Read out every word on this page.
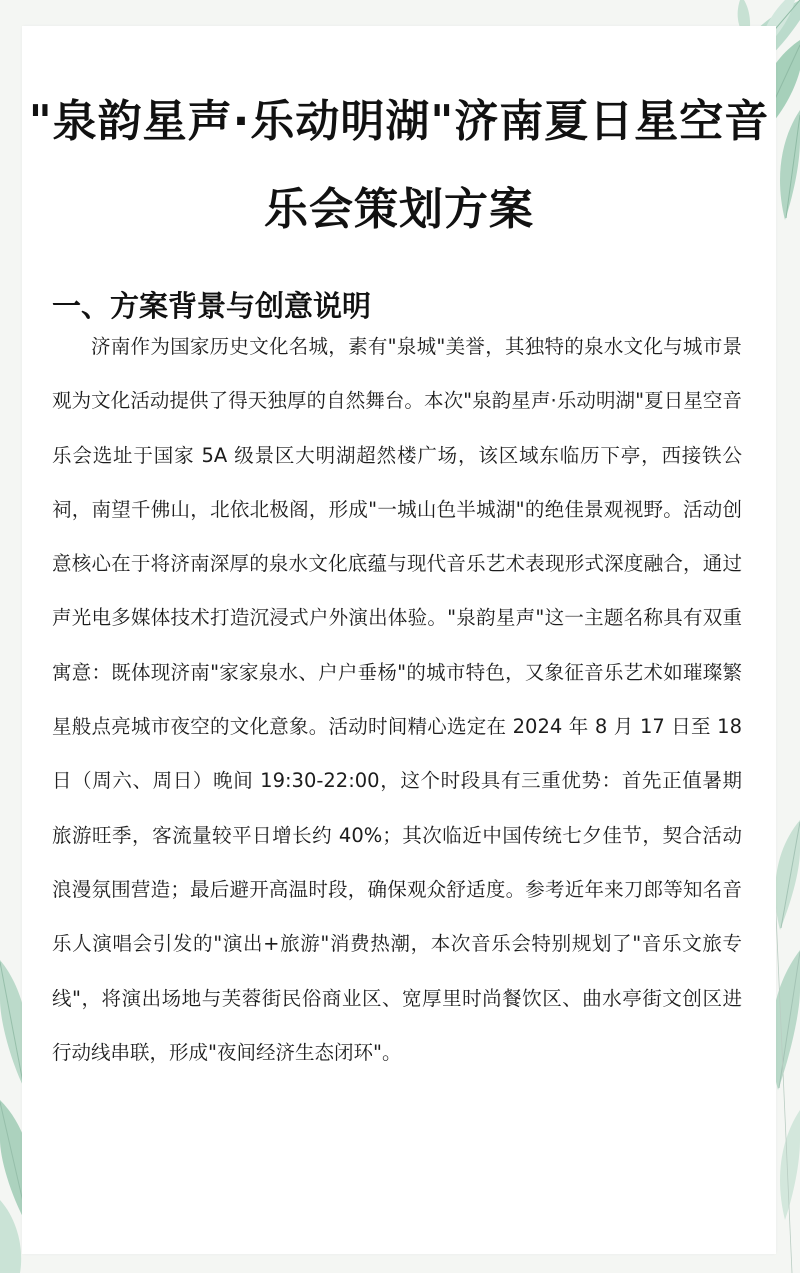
"泉韵星声·乐动明湖"济南夏日星空音乐会策划方案
一、方案背景与创意说明

济南作为国家历史文化名城，素有"泉城"美誉，其独特的泉水文化与城市景观为文化活动提供了得天独厚的自然舞台。本次"泉韵星声·乐动明湖"夏日星空音乐会选址于国家 5A 级景区大明湖超然楼广场，该区域东临历下亭，西接铁公祠，南望千佛山，北依北极阁，形成"一城山色半城湖"的绝佳景观视野。活动创意核心在于将济南深厚的泉水文化底蕴与现代音乐艺术表现形式深度融合，通过声光电多媒体技术打造沉浸式户外演出体验。"泉韵星声"这一主题名称具有双重寓意：既体现济南"家家泉水、户户垂杨"的城市特色，又象征音乐艺术如璀璨繁星般点亮城市夜空的文化意象。活动时间精心选定在 2024 年 8 月 17 日至 18 日（周六、周日）晚间 19:30-22:00，这个时段具有三重优势：首先正值暑期旅游旺季，客流量较平日增长约 40%；其次临近中国传统七夕佳节，契合活动浪漫氛围营造；最后避开高温时段，确保观众舒适度。参考近年来刀郎等知名音乐人演唱会引发的"演出+旅游"消费热潮，本次音乐会特别规划了"音乐文旅专线"，将演出场地与芙蓉街民俗商业区、宽厚里时尚餐饮区、曲水亭街文创区进行动线串联，形成"夜间经济生态闭环"。
